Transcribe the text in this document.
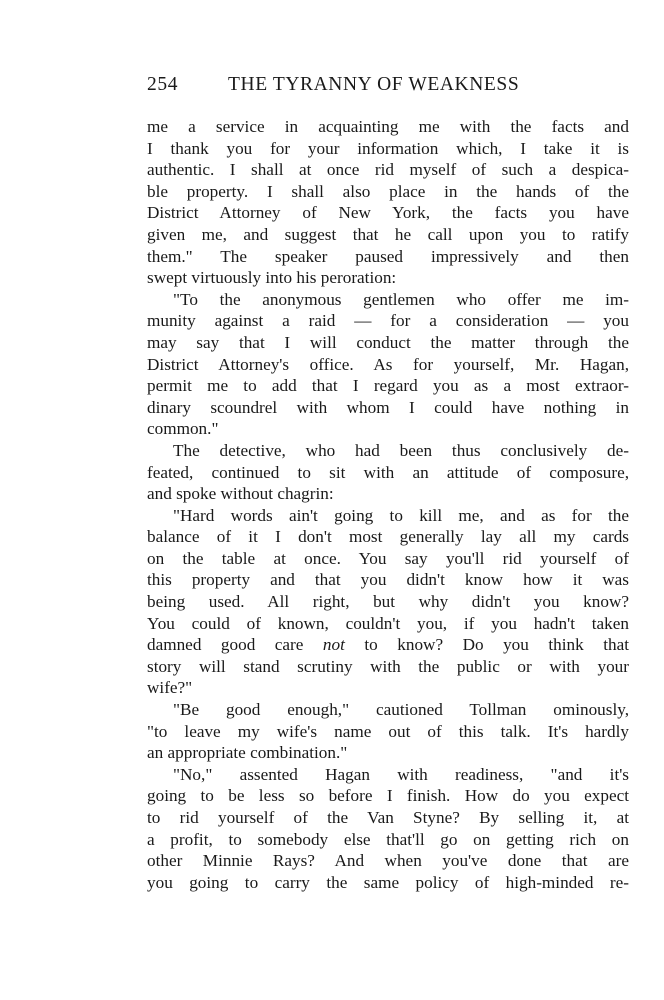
254	THE TYRANNY OF WEAKNESS
me a service in acquainting me with the facts and
I thank you for your information which, I take it is
authentic. I shall at once rid myself of such a despica-
ble property. I shall also place in the hands of the
District Attorney of New York, the facts you have
given me, and suggest that he call upon you to ratify
them." The speaker paused impressively and then
swept virtuously into his peroration:
"To the anonymous gentlemen who offer me im-
munity against a raid — for a consideration — you
may say that I will conduct the matter through the
District Attorney's office. As for yourself, Mr. Hagan,
permit me to add that I regard you as a most extraor-
dinary scoundrel with whom I could have nothing in
common."
The detective, who had been thus conclusively de-
feated, continued to sit with an attitude of composure,
and spoke without chagrin:
"Hard words ain't going to kill me, and as for the
balance of it I don't most generally lay all my cards
on the table at once. You say you'll rid yourself of
this property and that you didn't know how it was
being used. All right, but why didn't you know?
You could of known, couldn't you, if you hadn't taken
damned good care not to know? Do you think that
story will stand scrutiny with the public or with your
wife?"
"Be good enough," cautioned Tollman ominously,
"to leave my wife's name out of this talk. It's hardly
an appropriate combination."
"No," assented Hagan with readiness, "and it's
going to be less so before I finish. How do you expect
to rid yourself of the Van Styne? By selling it, at
a profit, to somebody else that'll go on getting rich on
other Minnie Rays? And when you've done that are
you going to carry the same policy of high-minded re-
